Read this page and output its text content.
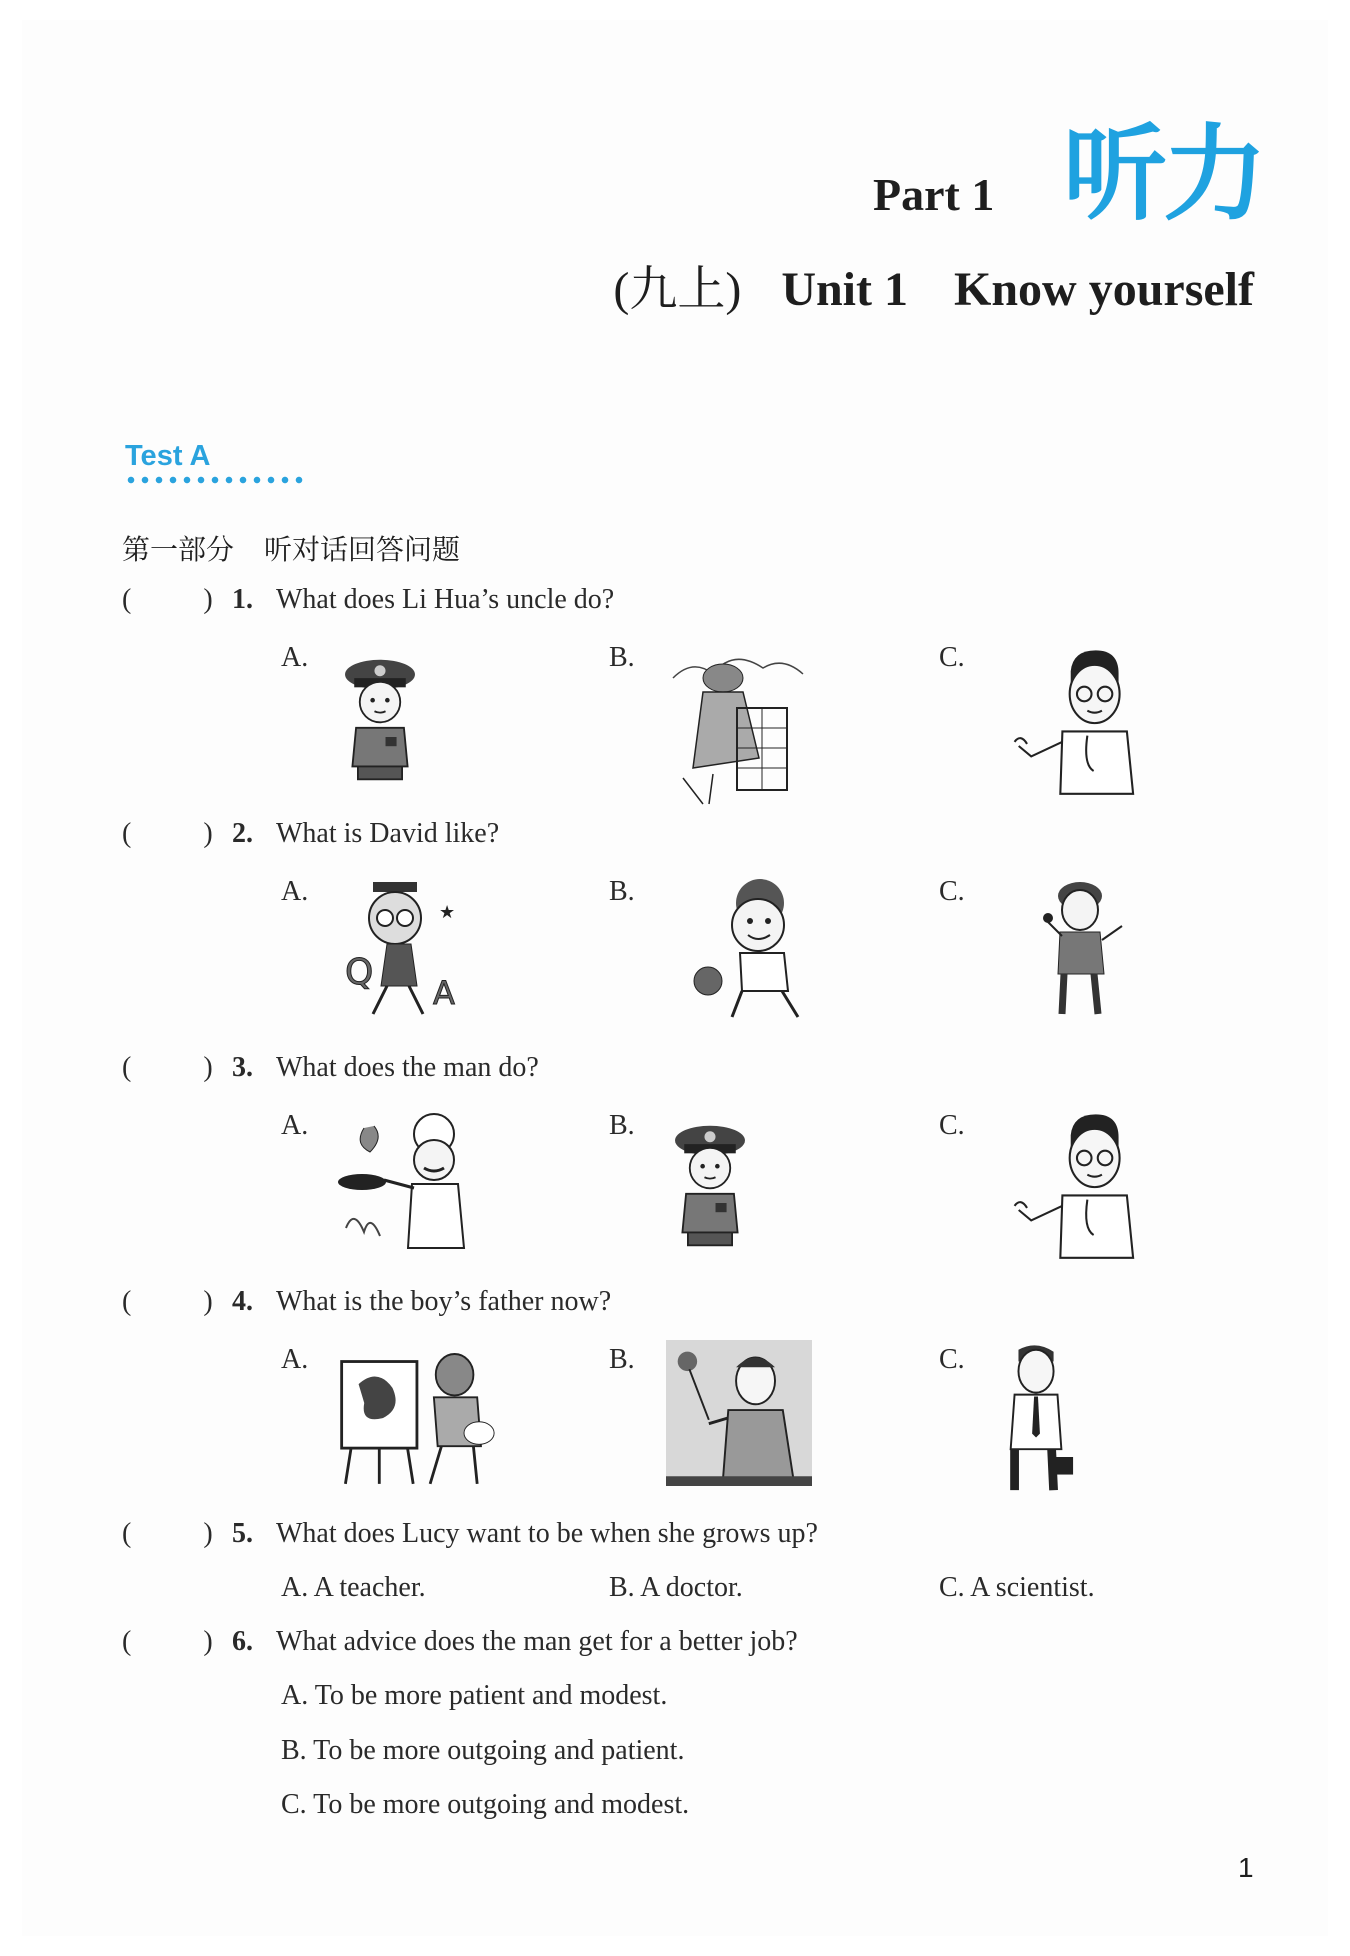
Part 1 听力
(九上) Unit 1 Know yourself
Test A
第一部分 听对话回答问题
(	) 1. What does Li Hua’s uncle do?
A.	B.	C.
(	) 2. What is David like?
A.	B.	C.
(	) 3. What does the man do?
A.	B.	C.
(	) 4. What is the boy’s father now?
A.	B.	C.
(	) 5. What does Lucy want to be when she grows up?
A. A teacher.	B. A doctor.	C. A scientist.
(	) 6. What advice does the man get for a better job?
A. To be more patient and modest.
B. To be more outgoing and patient.
C. To be more outgoing and modest.
1
